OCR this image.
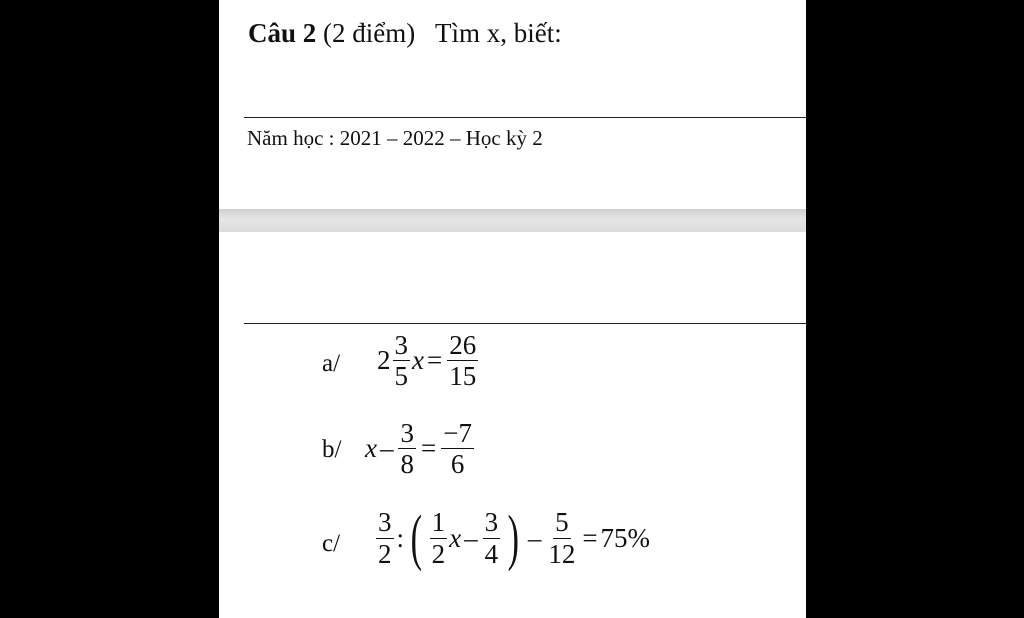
Câu 2 (2 điểm)   Tìm x, biết:
Năm học : 2021 – 2022 – Học kỳ 2
a/ $2 \frac{3}{5}$ $x = \frac{26}{15}$
b/ $x - \frac{3}{8} = \frac{-7}{6}$
$c/ \frac{3}{2}$ : ( $\frac{1}{2}$ x – $\frac{3}{4}$ ) – $\frac{5}{12} = 75\%$
